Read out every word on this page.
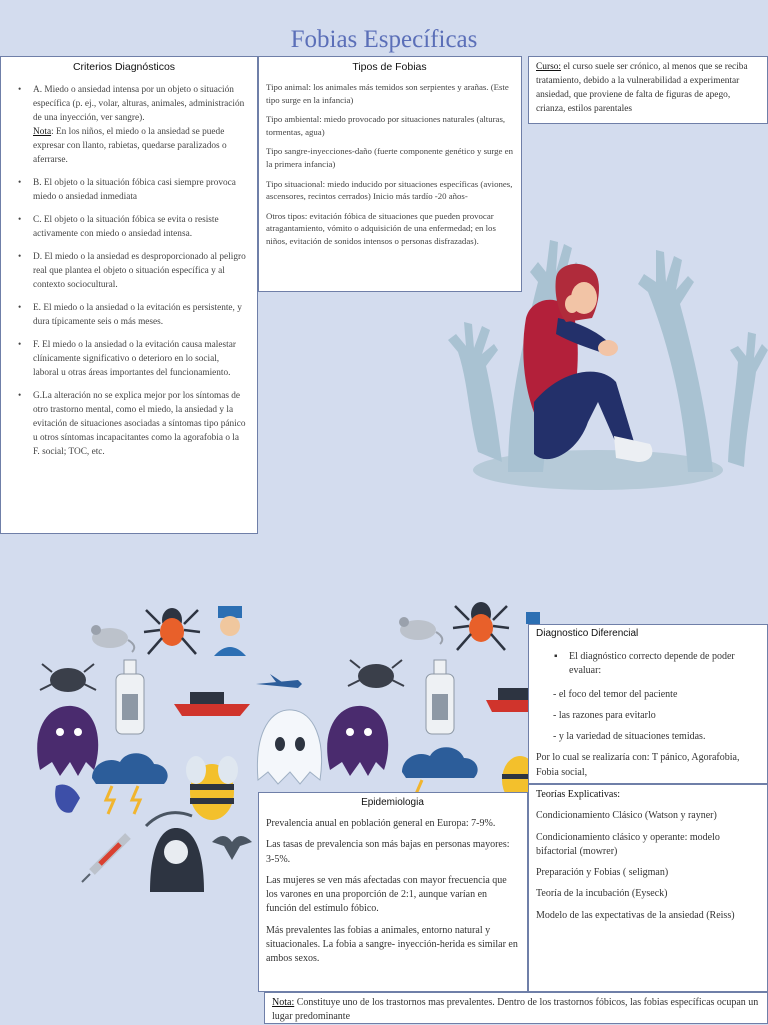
Fobias Específicas
Criterios Diagnósticos
• A. Miedo o ansiedad intensa por un objeto o situación específica (p. ej., volar, alturas, animales, administración de una inyección, ver sangre).
Nota: En los niños, el miedo o la ansiedad se puede expresar con llanto, rabietas, quedarse paralizados o aferrarse.
• B. El objeto o la situación fóbica casi siempre provoca miedo o ansiedad inmediata
• C. El objeto o la situación fóbica se evita o resiste activamente con miedo o ansiedad intensa.
• D. El miedo o la ansiedad es desproporcionado al peligro real que plantea el objeto o situación específica y al contexto sociocultural.
• E. El miedo o la ansiedad o la evitación es persistente, y dura típicamente seis o más meses.
• F. El miedo o la ansiedad o la evitación causa malestar clínicamente significativo o deterioro en lo social, laboral u otras áreas importantes del funcionamiento.
• G.La alteración no se explica mejor por los síntomas de otro trastorno mental, como el miedo, la ansiedad y la evitación de situaciones asociadas a síntomas tipo pánico u otros síntomas incapacitantes como la agorafobia o la F. social; TOC, etc.
Tipos de Fobias

Tipo animal: los animales más temidos son serpientes y arañas. (Este tipo surge en la infancia)

Tipo ambiental: miedo provocado por situaciones naturales (alturas, tormentas, agua)

Tipo sangre-inyecciones-daño (fuerte componente genético y surge en la primera infancia)

Tipo situacional: miedo inducido por situaciones específicas (aviones, ascensores, recintos cerrados) Inicio más tardío -20 años-

Otros tipos: evitación fóbica de situaciones que pueden provocar atragantamiento, vómito o adquisición de una enfermedad; en los niños, evitación de sonidos intensos o personas disfrazadas).

Curso: el curso suele ser crónico, al menos que se reciba tratamiento, debido a la vulnerabilidad a experimentar ansiedad, que proviene de falta de figuras de apego, crianza, estilos parentales
Diagnostico Diferencial
▪ El diagnóstico correcto depende de poder evaluar:
- el foco del temor del paciente
- las razones para evitarlo
- y la variedad de situaciones temidas.
Por lo cual se realizaría con: T pánico, Agorafobia, Fobia social,
Teorías Explicativas:
Condicionamiento Clásico (Watson y rayner)
Condicionamiento clásico y operante: modelo bifactorial (mowrer)
Preparación y Fobias ( seligman)
Teoría de la incubación (Eyseck)
Modelo de las expectativas de la ansiedad (Reiss)
Epidemiologia
Prevalencia anual en población general en Europa: 7-9%.
Las tasas de prevalencia son más bajas en personas mayores: 3-5%.
Las mujeres se ven más afectadas con mayor frecuencia que los varones en una proporción de 2:1, aunque varían en función del estímulo fóbico.
Más prevalentes las fobias a animales, entorno natural y situacionales. La fobia a sangre- inyección-herida es similar en ambos sexos.
Nota: Constituye uno de los trastornos mas prevalentes. Dentro de los trastornos fóbicos, las fobias específicas ocupan un lugar predominante
